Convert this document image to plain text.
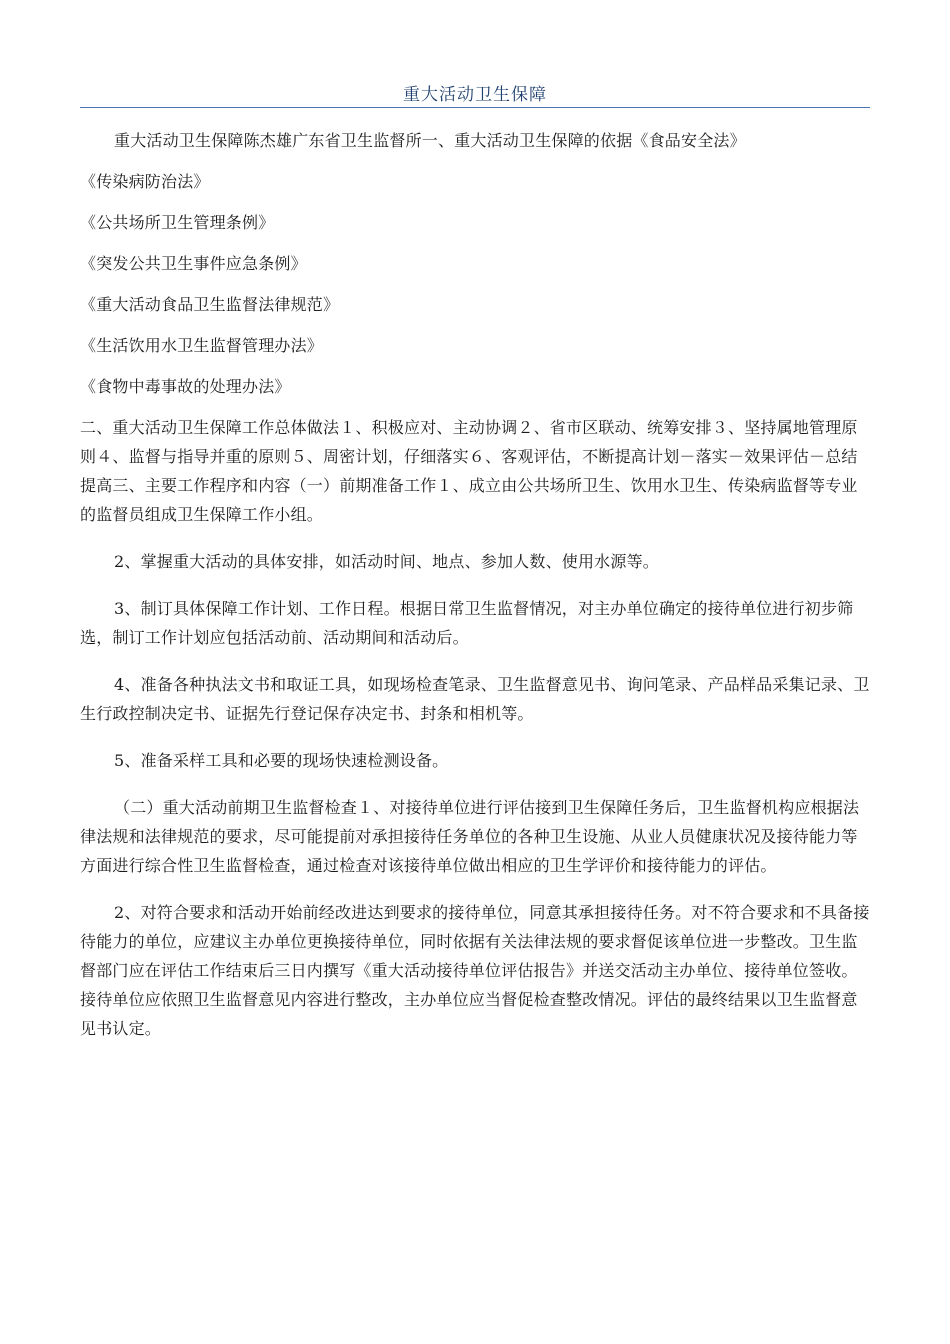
重大活动卫生保障

重大活动卫生保障陈杰雄广东省卫生监督所一、重大活动卫生保障的依据《食品安全法》

《传染病防治法》

《公共场所卫生管理条例》

《突发公共卫生事件应急条例》

《重大活动食品卫生监督法律规范》

《生活饮用水卫生监督管理办法》

《食物中毒事故的处理办法》

二、重大活动卫生保障工作总体做法１、积极应对、主动协调２、省市区联动、统筹安排３、坚持属地管理原则４、监督与指导并重的原则５、周密计划，仔细落实６、客观评估，不断提高计划－落实－效果评估－总结提高三、主要工作程序和内容（一）前期准备工作１、成立由公共场所卫生、饮用水卫生、传染病监督等专业的监督员组成卫生保障工作小组。

2、掌握重大活动的具体安排，如活动时间、地点、参加人数、使用水源等。

3、制订具体保障工作计划、工作日程。根据日常卫生监督情况，对主办单位确定的接待单位进行初步筛选，制订工作计划应包括活动前、活动期间和活动后。

4、准备各种执法文书和取证工具，如现场检查笔录、卫生监督意见书、询问笔录、产品样品采集记录、卫生行政控制决定书、证据先行登记保存决定书、封条和相机等。

5、准备采样工具和必要的现场快速检测设备。

（二）重大活动前期卫生监督检查１、对接待单位进行评估接到卫生保障任务后，卫生监督机构应根据法律法规和法律规范的要求，尽可能提前对承担接待任务单位的各种卫生设施、从业人员健康状况及接待能力等方面进行综合性卫生监督检查，通过检查对该接待单位做出相应的卫生学评价和接待能力的评估。

2、对符合要求和活动开始前经改进达到要求的接待单位，同意其承担接待任务。对不符合要求和不具备接待能力的单位，应建议主办单位更换接待单位，同时依据有关法律法规的要求督促该单位进一步整改。卫生监督部门应在评估工作结束后三日内撰写《重大活动接待单位评估报告》并送交活动主办单位、接待单位签收。接待单位应依照卫生监督意见内容进行整改，主办单位应当督促检查整改情况。评估的最终结果以卫生监督意见书认定。
